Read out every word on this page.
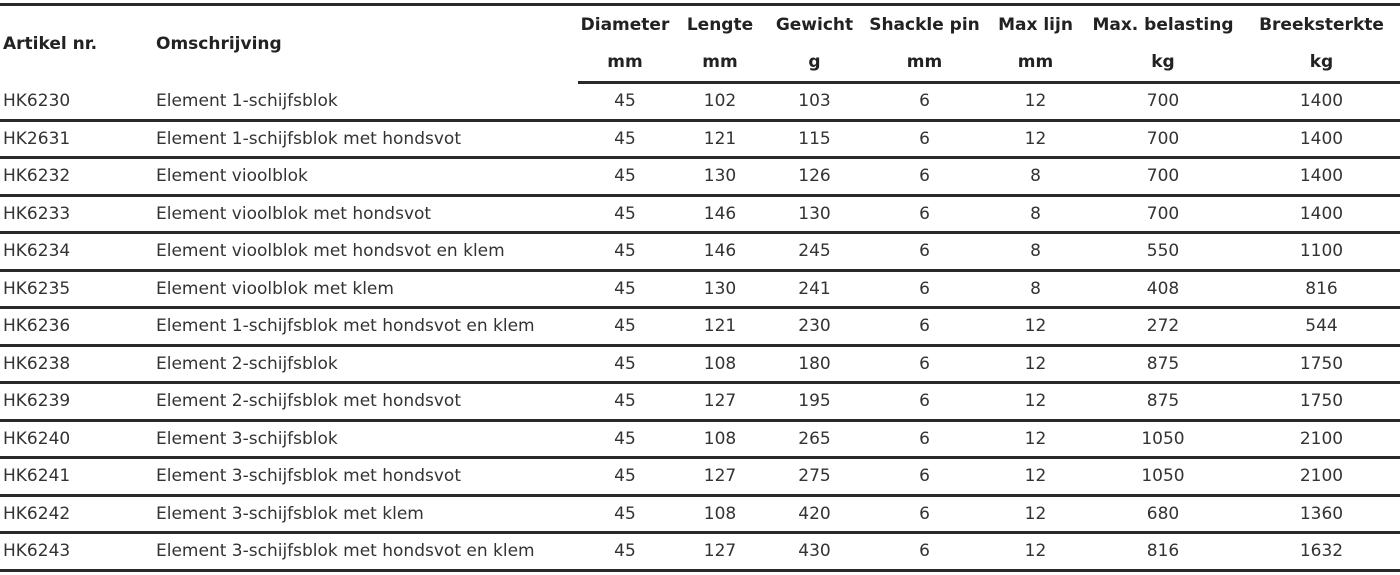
Artikel nr.	Omschrijving	Diameter	Lengte	Gewicht	Shackle pin	Max lijn	Max. belasting	Breeksterkte
		mm	mm	g	mm	mm	kg	kg
HK6230	Element 1-schijfsblok	45	102	103	6	12	700	1400
HK2631	Element 1-schijfsblok met hondsvot	45	121	115	6	12	700	1400
HK6232	Element vioolblok	45	130	126	6	8	700	1400
HK6233	Element vioolblok met hondsvot	45	146	130	6	8	700	1400
HK6234	Element vioolblok met hondsvot en klem	45	146	245	6	8	550	1100
HK6235	Element vioolblok met klem	45	130	241	6	8	408	816
HK6236	Element 1-schijfsblok met hondsvot en klem	45	121	230	6	12	272	544
HK6238	Element 2-schijfsblok	45	108	180	6	12	875	1750
HK6239	Element 2-schijfsblok met hondsvot	45	127	195	6	12	875	1750
HK6240	Element 3-schijfsblok	45	108	265	6	12	1050	2100
HK6241	Element 3-schijfsblok met hondsvot	45	127	275	6	12	1050	2100
HK6242	Element 3-schijfsblok met klem	45	108	420	6	12	680	1360
HK6243	Element 3-schijfsblok met hondsvot en klem	45	127	430	6	12	816	1632
